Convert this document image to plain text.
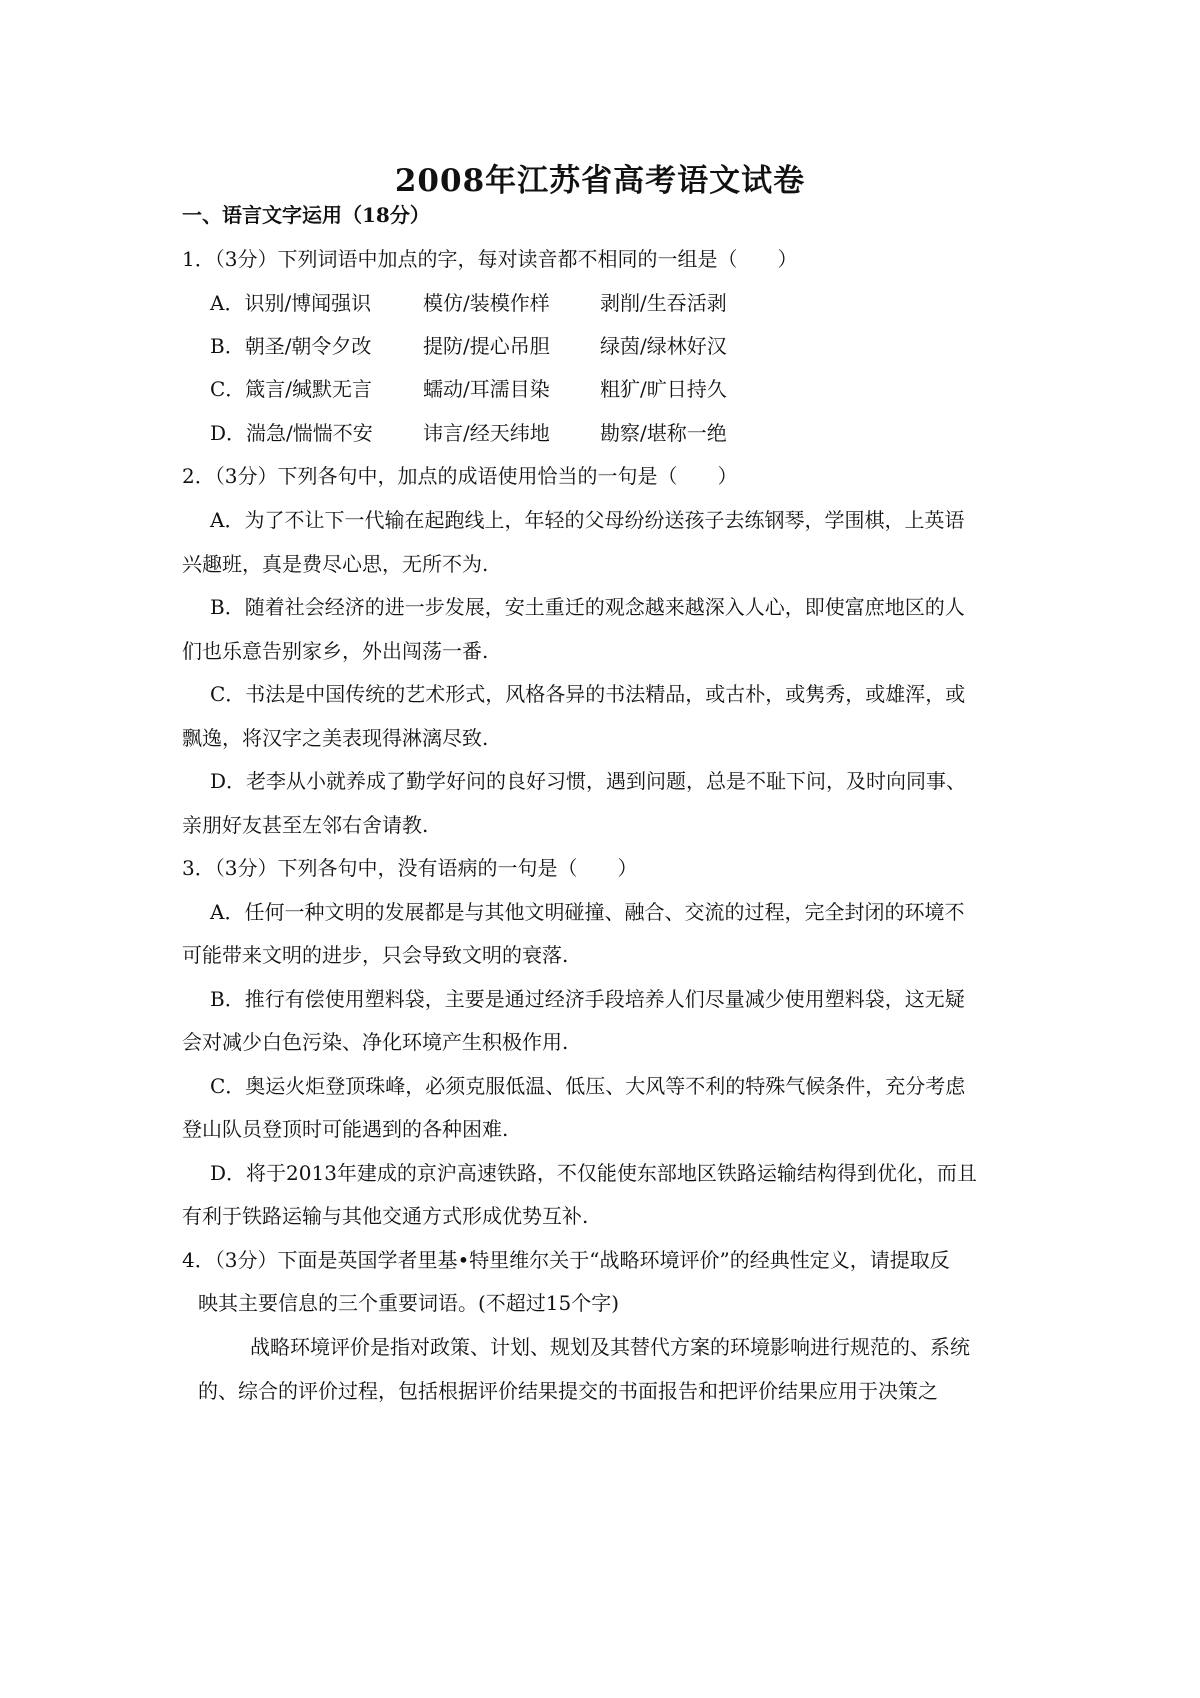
2008年江苏省高考语文试卷
一、语言文字运用（18分）
1．（3分）下列词语中加点的字，每对读音都不相同的一组是（　　）
A．识别/博闻强识	模仿/装模作样	剥削/生吞活剥
B．朝圣/朝令夕改	提防/提心吊胆	绿茵/绿林好汉
C．箴言/缄默无言	蠕动/耳濡目染	粗犷/旷日持久
D．湍急/惴惴不安	讳言/经天纬地	勘察/堪称一绝
2．（3分）下列各句中，加点的成语使用恰当的一句是（　　）
A．为了不让下一代输在起跑线上，年轻的父母纷纷送孩子去练钢琴，学围棋，上英语
兴趣班，真是费尽心思，无所不为.
B．随着社会经济的进一步发展，安土重迁的观念越来越深入人心，即使富庶地区的人
们也乐意告别家乡，外出闯荡一番.
C．书法是中国传统的艺术形式，风格各异的书法精品，或古朴，或隽秀，或雄浑，或
飘逸，将汉字之美表现得淋漓尽致.
D．老李从小就养成了勤学好问的良好习惯，遇到问题，总是不耻下问，及时向同事、
亲朋好友甚至左邻右舍请教.
3．（3分）下列各句中，没有语病的一句是（　　）
A．任何一种文明的发展都是与其他文明碰撞、融合、交流的过程，完全封闭的环境不
可能带来文明的进步，只会导致文明的衰落.
B．推行有偿使用塑料袋，主要是通过经济手段培养人们尽量减少使用塑料袋，这无疑
会对减少白色污染、净化环境产生积极作用.
C．奥运火炬登顶珠峰，必须克服低温、低压、大风等不利的特殊气候条件，充分考虑
登山队员登顶时可能遇到的各种困难.
D．将于2013年建成的京沪高速铁路，不仅能使东部地区铁路运输结构得到优化，而且
有利于铁路运输与其他交通方式形成优势互补.
4．（3分）下面是英国学者里基•特里维尔关于“战略环境评价”的经典性定义，请提取反
映其主要信息的三个重要词语。(不超过15个字)
战略环境评价是指对政策、计划、规划及其替代方案的环境影响进行规范的、系统
的、综合的评价过程，包括根据评价结果提交的书面报告和把评价结果应用于决策之
